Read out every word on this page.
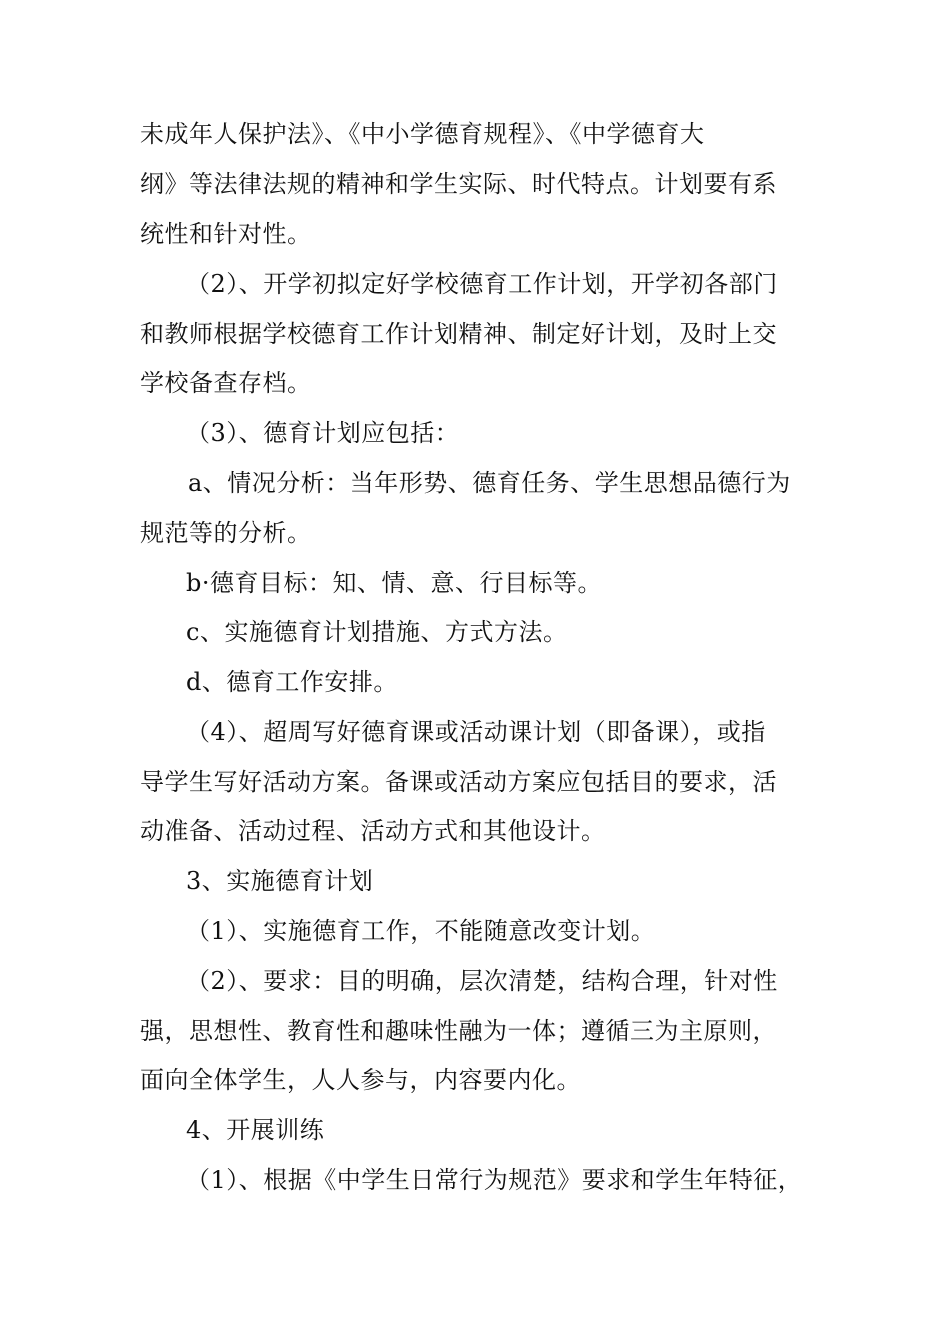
未成年人保护法》、《中小学德育规程》、《中学德育大
纲》等法律法规的精神和学生实际、时代特点。计划要有系
统性和针对性。
（2）、开学初拟定好学校德育工作计划，开学初各部门
和教师根据学校德育工作计划精神、制定好计划，及时上交
学校备查存档。
（3）、德育计划应包括：
a、情况分析：当年形势、德育任务、学生思想品德行为
规范等的分析。
b·德育目标：知、情、意、行目标等。
c、实施德育计划措施、方式方法。
d、德育工作安排。
（4）、超周写好德育课或活动课计划（即备课），或指
导学生写好活动方案。备课或活动方案应包括目的要求，活
动准备、活动过程、活动方式和其他设计。
3、实施德育计划
（1）、实施德育工作，不能随意改变计划。
（2）、要求：目的明确，层次清楚，结构合理，针对性
强，思想性、教育性和趣味性融为一体；遵循三为主原则，
面向全体学生，人人参与，内容要内化。
4、开展训练
（1）、根据《中学生日常行为规范》要求和学生年特征，
